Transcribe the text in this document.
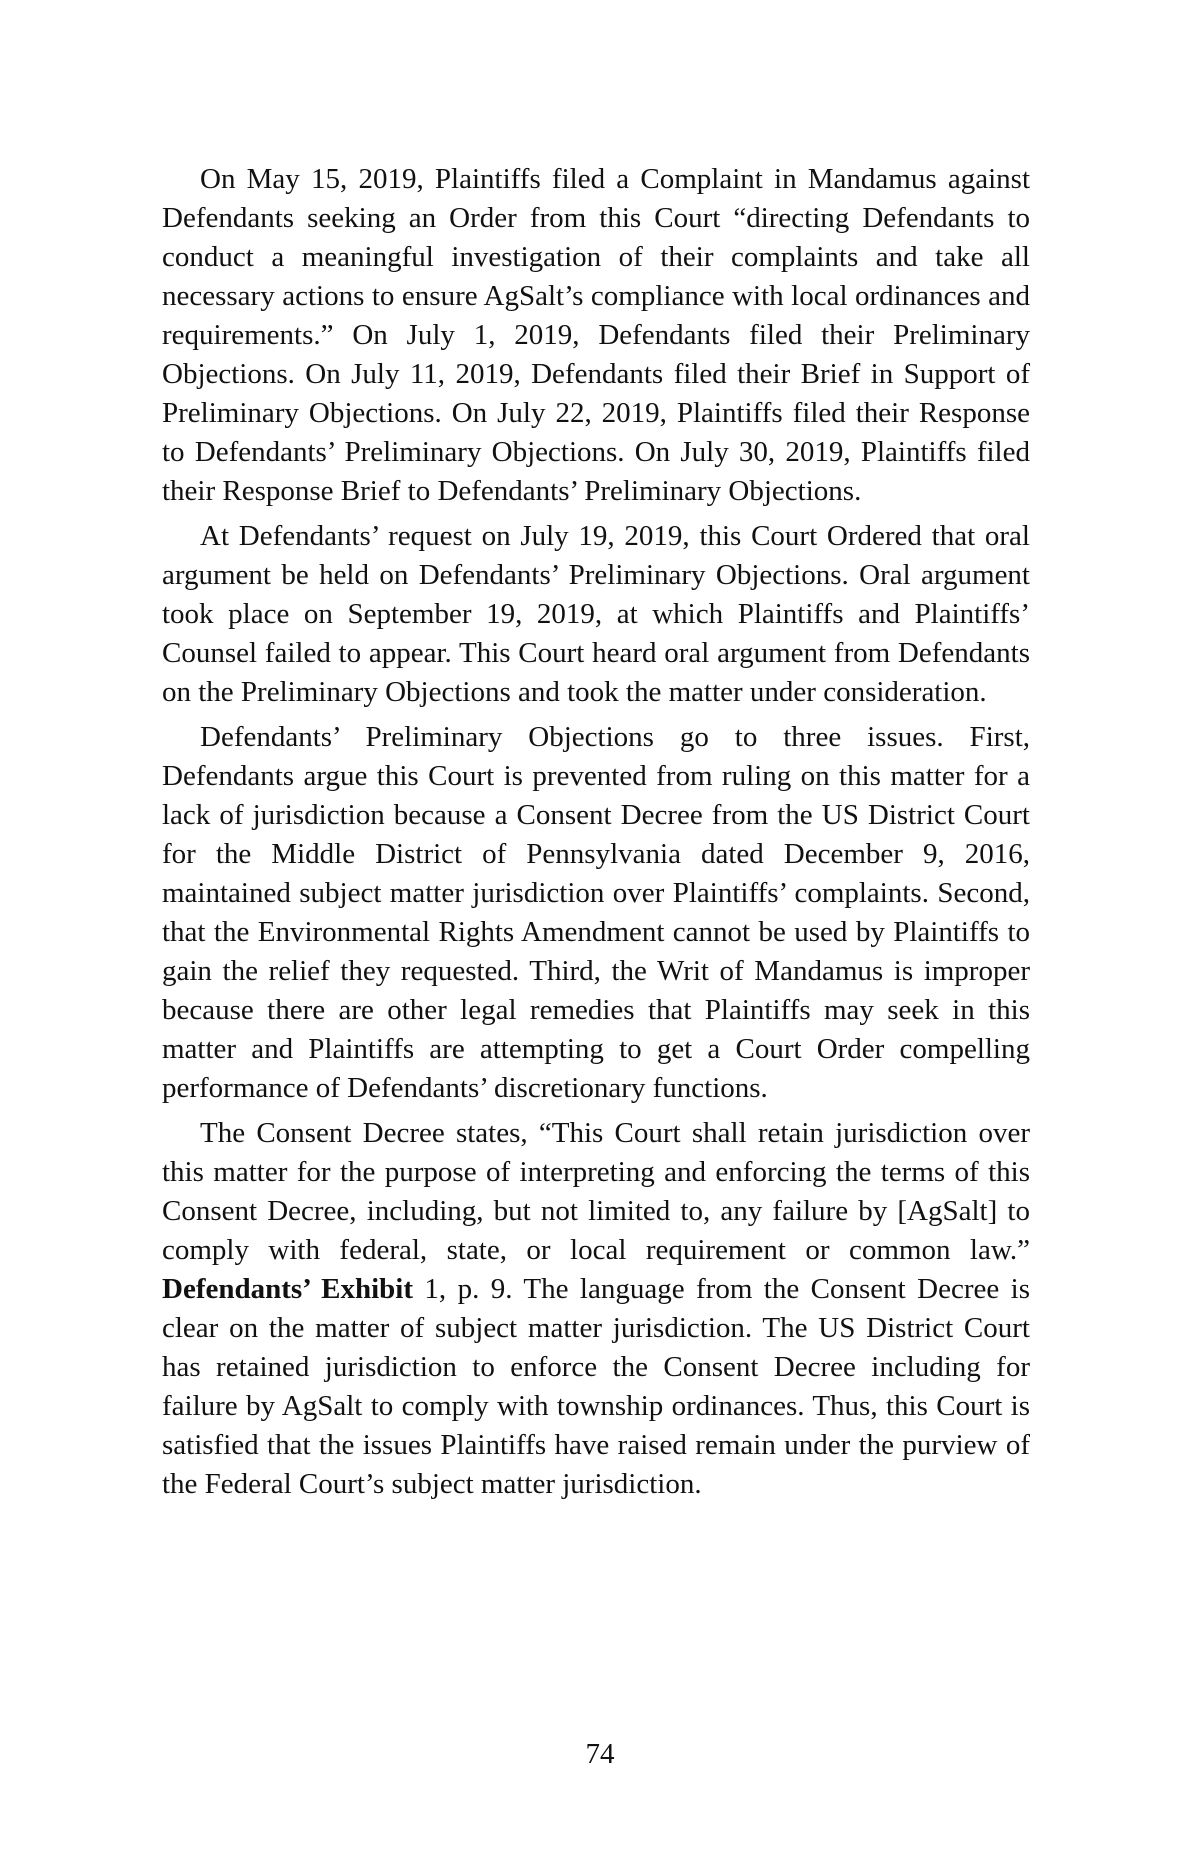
On May 15, 2019, Plaintiffs filed a Complaint in Mandamus against Defendants seeking an Order from this Court “directing Defendants to conduct a meaningful investigation of their complaints and take all necessary actions to ensure AgSalt’s compliance with local ordinances and requirements.” On July 1, 2019, Defendants filed their Preliminary Objections. On July 11, 2019, Defendants filed their Brief in Support of Preliminary Objections. On July 22, 2019, Plaintiffs filed their Response to Defendants’ Preliminary Objections. On July 30, 2019, Plaintiffs filed their Response Brief to Defendants’ Preliminary Objections.

At Defendants’ request on July 19, 2019, this Court Ordered that oral argument be held on Defendants’ Preliminary Objections. Oral argument took place on September 19, 2019, at which Plaintiffs and Plaintiffs’ Counsel failed to appear. This Court heard oral argument from Defendants on the Preliminary Objections and took the matter under consideration.

Defendants’ Preliminary Objections go to three issues. First, Defendants argue this Court is prevented from ruling on this matter for a lack of jurisdiction because a Consent Decree from the US District Court for the Middle District of Pennsylvania dated December 9, 2016, maintained subject matter jurisdiction over Plaintiffs’ complaints. Second, that the Environmental Rights Amendment cannot be used by Plaintiffs to gain the relief they requested. Third, the Writ of Mandamus is improper because there are other legal remedies that Plaintiffs may seek in this matter and Plaintiffs are attempting to get a Court Order compelling performance of Defendants’ discretionary functions.

The Consent Decree states, “This Court shall retain jurisdiction over this matter for the purpose of interpreting and enforcing the terms of this Consent Decree, including, but not limited to, any failure by [AgSalt] to comply with federal, state, or local requirement or common law.” Defendants’ Exhibit 1, p. 9. The language from the Consent Decree is clear on the matter of subject matter jurisdiction. The US District Court has retained jurisdiction to enforce the Consent Decree including for failure by AgSalt to comply with township ordinances. Thus, this Court is satisfied that the issues Plaintiffs have raised remain under the purview of the Federal Court’s subject matter jurisdiction.

74
